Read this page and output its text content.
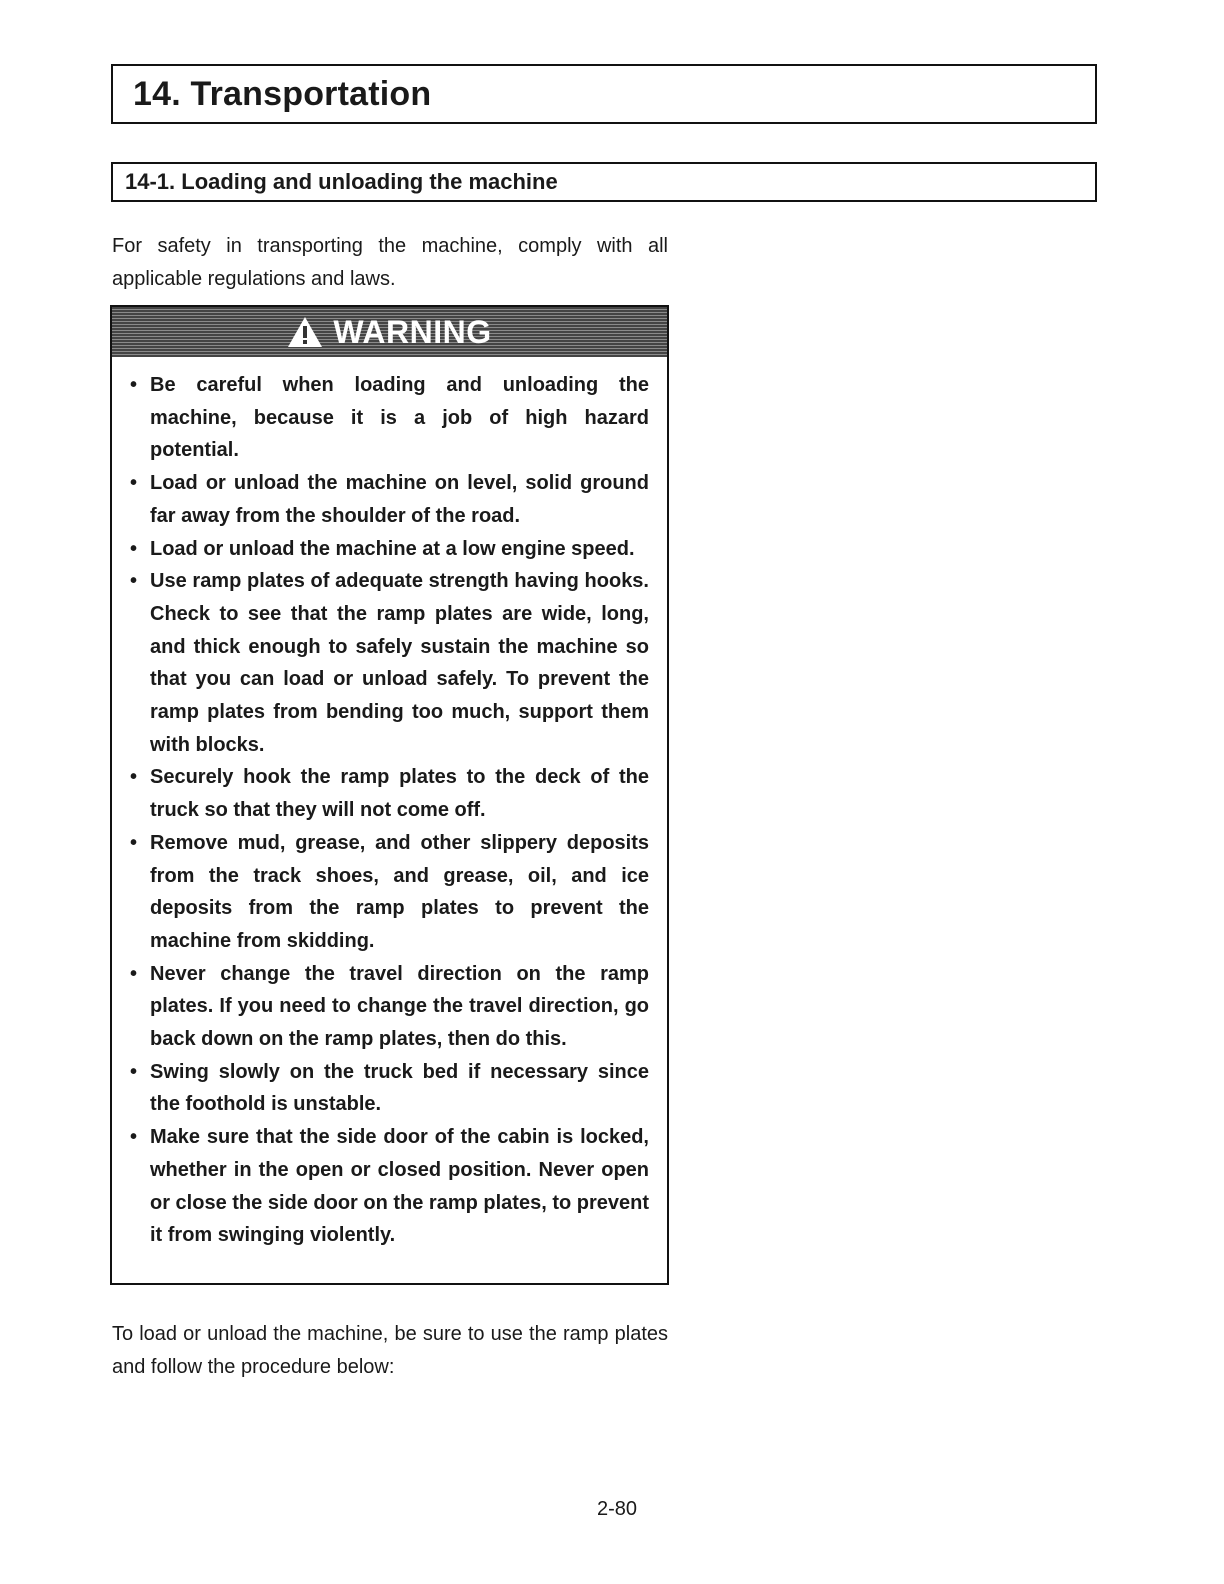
14. Transportation
14-1. Loading and unloading the machine

For safety in transporting the machine, comply with all applicable regulations and laws.

WARNING
• Be careful when loading and unloading the machine, because it is a job of high hazard potential.
• Load or unload the machine on level, solid ground far away from the shoulder of the road.
• Load or unload the machine at a low engine speed.
• Use ramp plates of adequate strength having hooks. Check to see that the ramp plates are wide, long, and thick enough to safely sustain the machine so that you can load or unload safely. To prevent the ramp plates from bending too much, support them with blocks.
• Securely hook the ramp plates to the deck of the truck so that they will not come off.
• Remove mud, grease, and other slippery deposits from the track shoes, and grease, oil, and ice deposits from the ramp plates to prevent the machine from skidding.
• Never change the travel direction on the ramp plates. If you need to change the travel direction, go back down on the ramp plates, then do this.
• Swing slowly on the truck bed if necessary since the foothold is unstable.
• Make sure that the side door of the cabin is locked, whether in the open or closed position. Never open or close the side door on the ramp plates, to prevent it from swinging violently.

To load or unload the machine, be sure to use the ramp plates and follow the procedure below:

2-80
